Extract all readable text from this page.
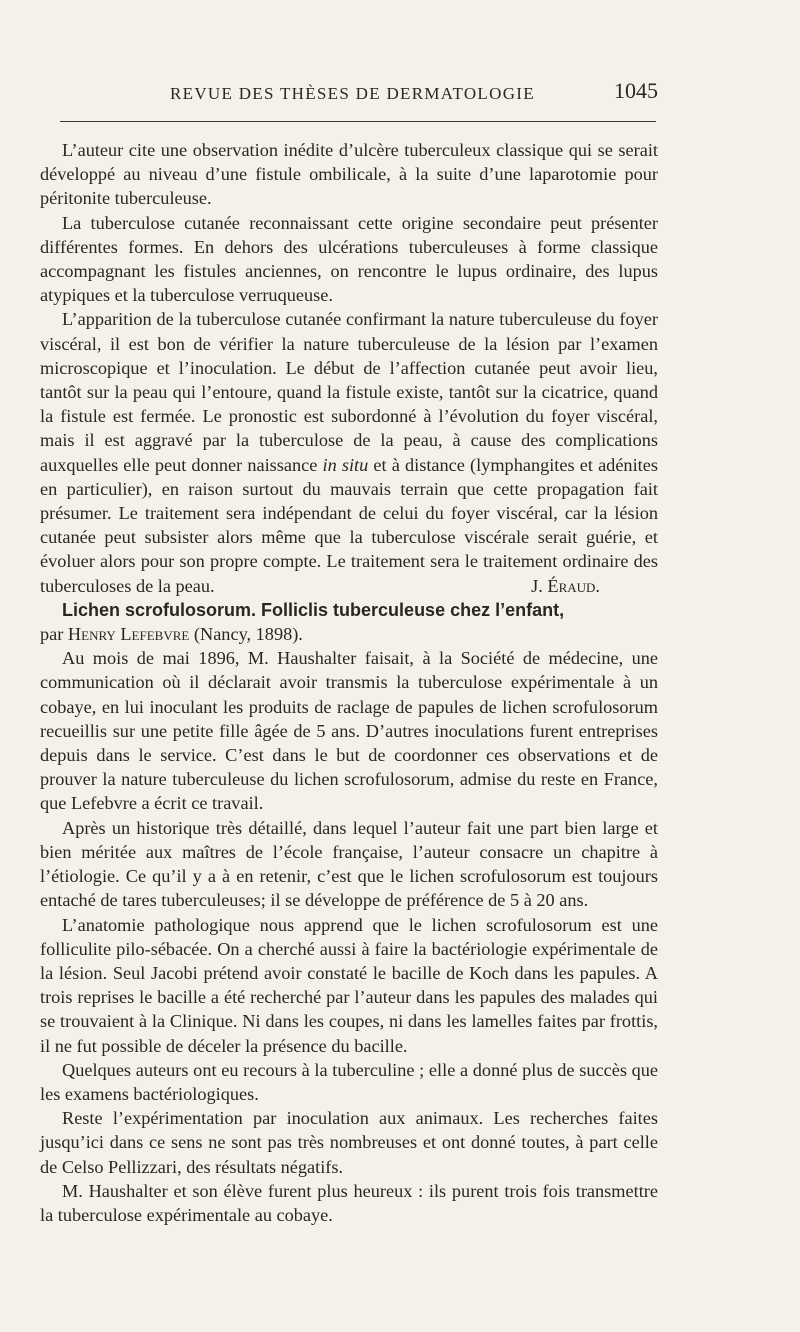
REVUE DES THÈSES DE DERMATOLOGIE	1045

L’auteur cite une observation inédite d’ulcère tuberculeux classique qui se serait développé au niveau d’une fistule ombilicale, à la suite d’une laparotomie pour péritonite tuberculeuse.

La tuberculose cutanée reconnaissant cette origine secondaire peut présenter différentes formes. En dehors des ulcérations tuberculeuses à forme classique accompagnant les fistules anciennes, on rencontre le lupus ordinaire, des lupus atypiques et la tuberculose verruqueuse.

L’apparition de la tuberculose cutanée confirmant la nature tuberculeuse du foyer viscéral, il est bon de vérifier la nature tuberculeuse de la lésion par l’examen microscopique et l’inoculation. Le début de l’affection cutanée peut avoir lieu, tantôt sur la peau qui l’entoure, quand la fistule existe, tantôt sur la cicatrice, quand la fistule est fermée. Le pronostic est subordonné à l’évolution du foyer viscéral, mais il est aggravé par la tuberculose de la peau, à cause des complications auxquelles elle peut donner naissance in situ et à distance (lymphangites et adénites en particulier), en raison surtout du mauvais terrain que cette propagation fait présumer. Le traitement sera indépendant de celui du foyer viscéral, car la lésion cutanée peut subsister alors même que la tuberculose viscérale serait guérie, et évoluer alors pour son propre compte. Le traitement sera le traitement ordinaire des tuberculoses de la peau.	J. Éraud.

Lichen scrofulosorum. Folliclis tuberculeuse chez l’enfant,

par Henry Lefebvre (Nancy, 1898).

Au mois de mai 1896, M. Haushalter faisait, à la Société de médecine, une communication où il déclarait avoir transmis la tuberculose expérimentale à un cobaye, en lui inoculant les produits de raclage de papules de lichen scrofulosorum recueillis sur une petite fille âgée de 5 ans. D’autres inoculations furent entreprises depuis dans le service. C’est dans le but de coordonner ces observations et de prouver la nature tuberculeuse du lichen scrofulosorum, admise du reste en France, que Lefebvre a écrit ce travail.

Après un historique très détaillé, dans lequel l’auteur fait une part bien large et bien méritée aux maîtres de l’école française, l’auteur consacre un chapitre à l’étiologie. Ce qu’il y a à en retenir, c’est que le lichen scrofulosorum est toujours entaché de tares tuberculeuses; il se développe de préférence de 5 à 20 ans.

L’anatomie pathologique nous apprend que le lichen scrofulosorum est une folliculite pilo-sébacée. On a cherché aussi à faire la bactériologie expérimentale de la lésion. Seul Jacobi prétend avoir constaté le bacille de Koch dans les papules. A trois reprises le bacille a été recherché par l’auteur dans les papules des malades qui se trouvaient à la Clinique. Ni dans les coupes, ni dans les lamelles faites par frottis, il ne fut possible de déceler la présence du bacille.

Quelques auteurs ont eu recours à la tuberculine ; elle a donné plus de succès que les examens bactériologiques.

Reste l’expérimentation par inoculation aux animaux. Les recherches faites jusqu’ici dans ce sens ne sont pas très nombreuses et ont donné toutes, à part celle de Celso Pellizzari, des résultats négatifs.

M. Haushalter et son élève furent plus heureux : ils purent trois fois transmettre la tuberculose expérimentale au cobaye.
